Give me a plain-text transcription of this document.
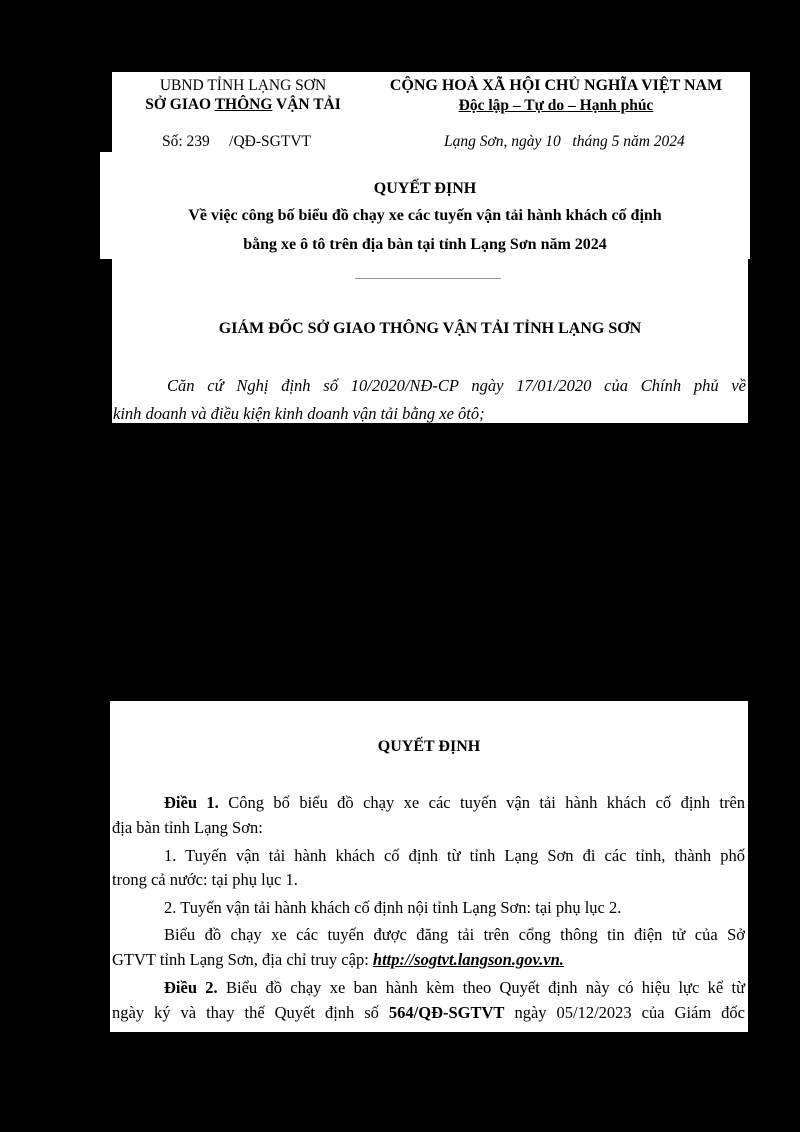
UBND TỈNH LẠNG SƠN
SỞ GIAO THÔNG VẬN TẢI
Số: 239     /QĐ-SGTVT
CỘNG HOÀ XÃ HỘI CHỦ NGHĨA VIỆT NAM
Độc lập – Tự do – Hạnh phúc
Lạng Sơn, ngày 10   tháng 5 năm 2024
QUYẾT ĐỊNH
Về việc công bố biểu đồ chạy xe các tuyến vận tải hành khách cố định
bằng xe ô tô trên địa bàn tại tỉnh Lạng Sơn năm 2024
GIÁM ĐỐC SỞ GIAO THÔNG VẬN TẢI TỈNH LẠNG SƠN
Căn cứ Nghị định số 10/2020/NĐ-CP ngày 17/01/2020 của Chính phủ về
kinh doanh và điều kiện kinh doanh vận tải bằng xe ôtô;
QUYẾT ĐỊNH
Điều 1. Công bố biểu đồ chạy xe các tuyến vận tải hành khách cố định trên
địa bàn tỉnh Lạng Sơn:
1. Tuyến vận tải hành khách cố định từ tỉnh Lạng Sơn đi các tỉnh, thành phố
trong cả nước: tại phụ lục 1.
2. Tuyến vận tải hành khách cố định nội tỉnh Lạng Sơn: tại phụ lục 2.
Biểu đồ chạy xe các tuyến được đăng tải trên cổng thông tin điện tử của Sở
GTVT tỉnh Lạng Sơn, địa chỉ truy cập: http://sogtvt.langson.gov.vn.
Điều 2. Biểu đồ chạy xe ban hành kèm theo Quyết định này có hiệu lực kể từ
ngày ký và thay thế Quyết định số 564/QĐ-SGTVT ngày 05/12/2023 của Giám đốc
